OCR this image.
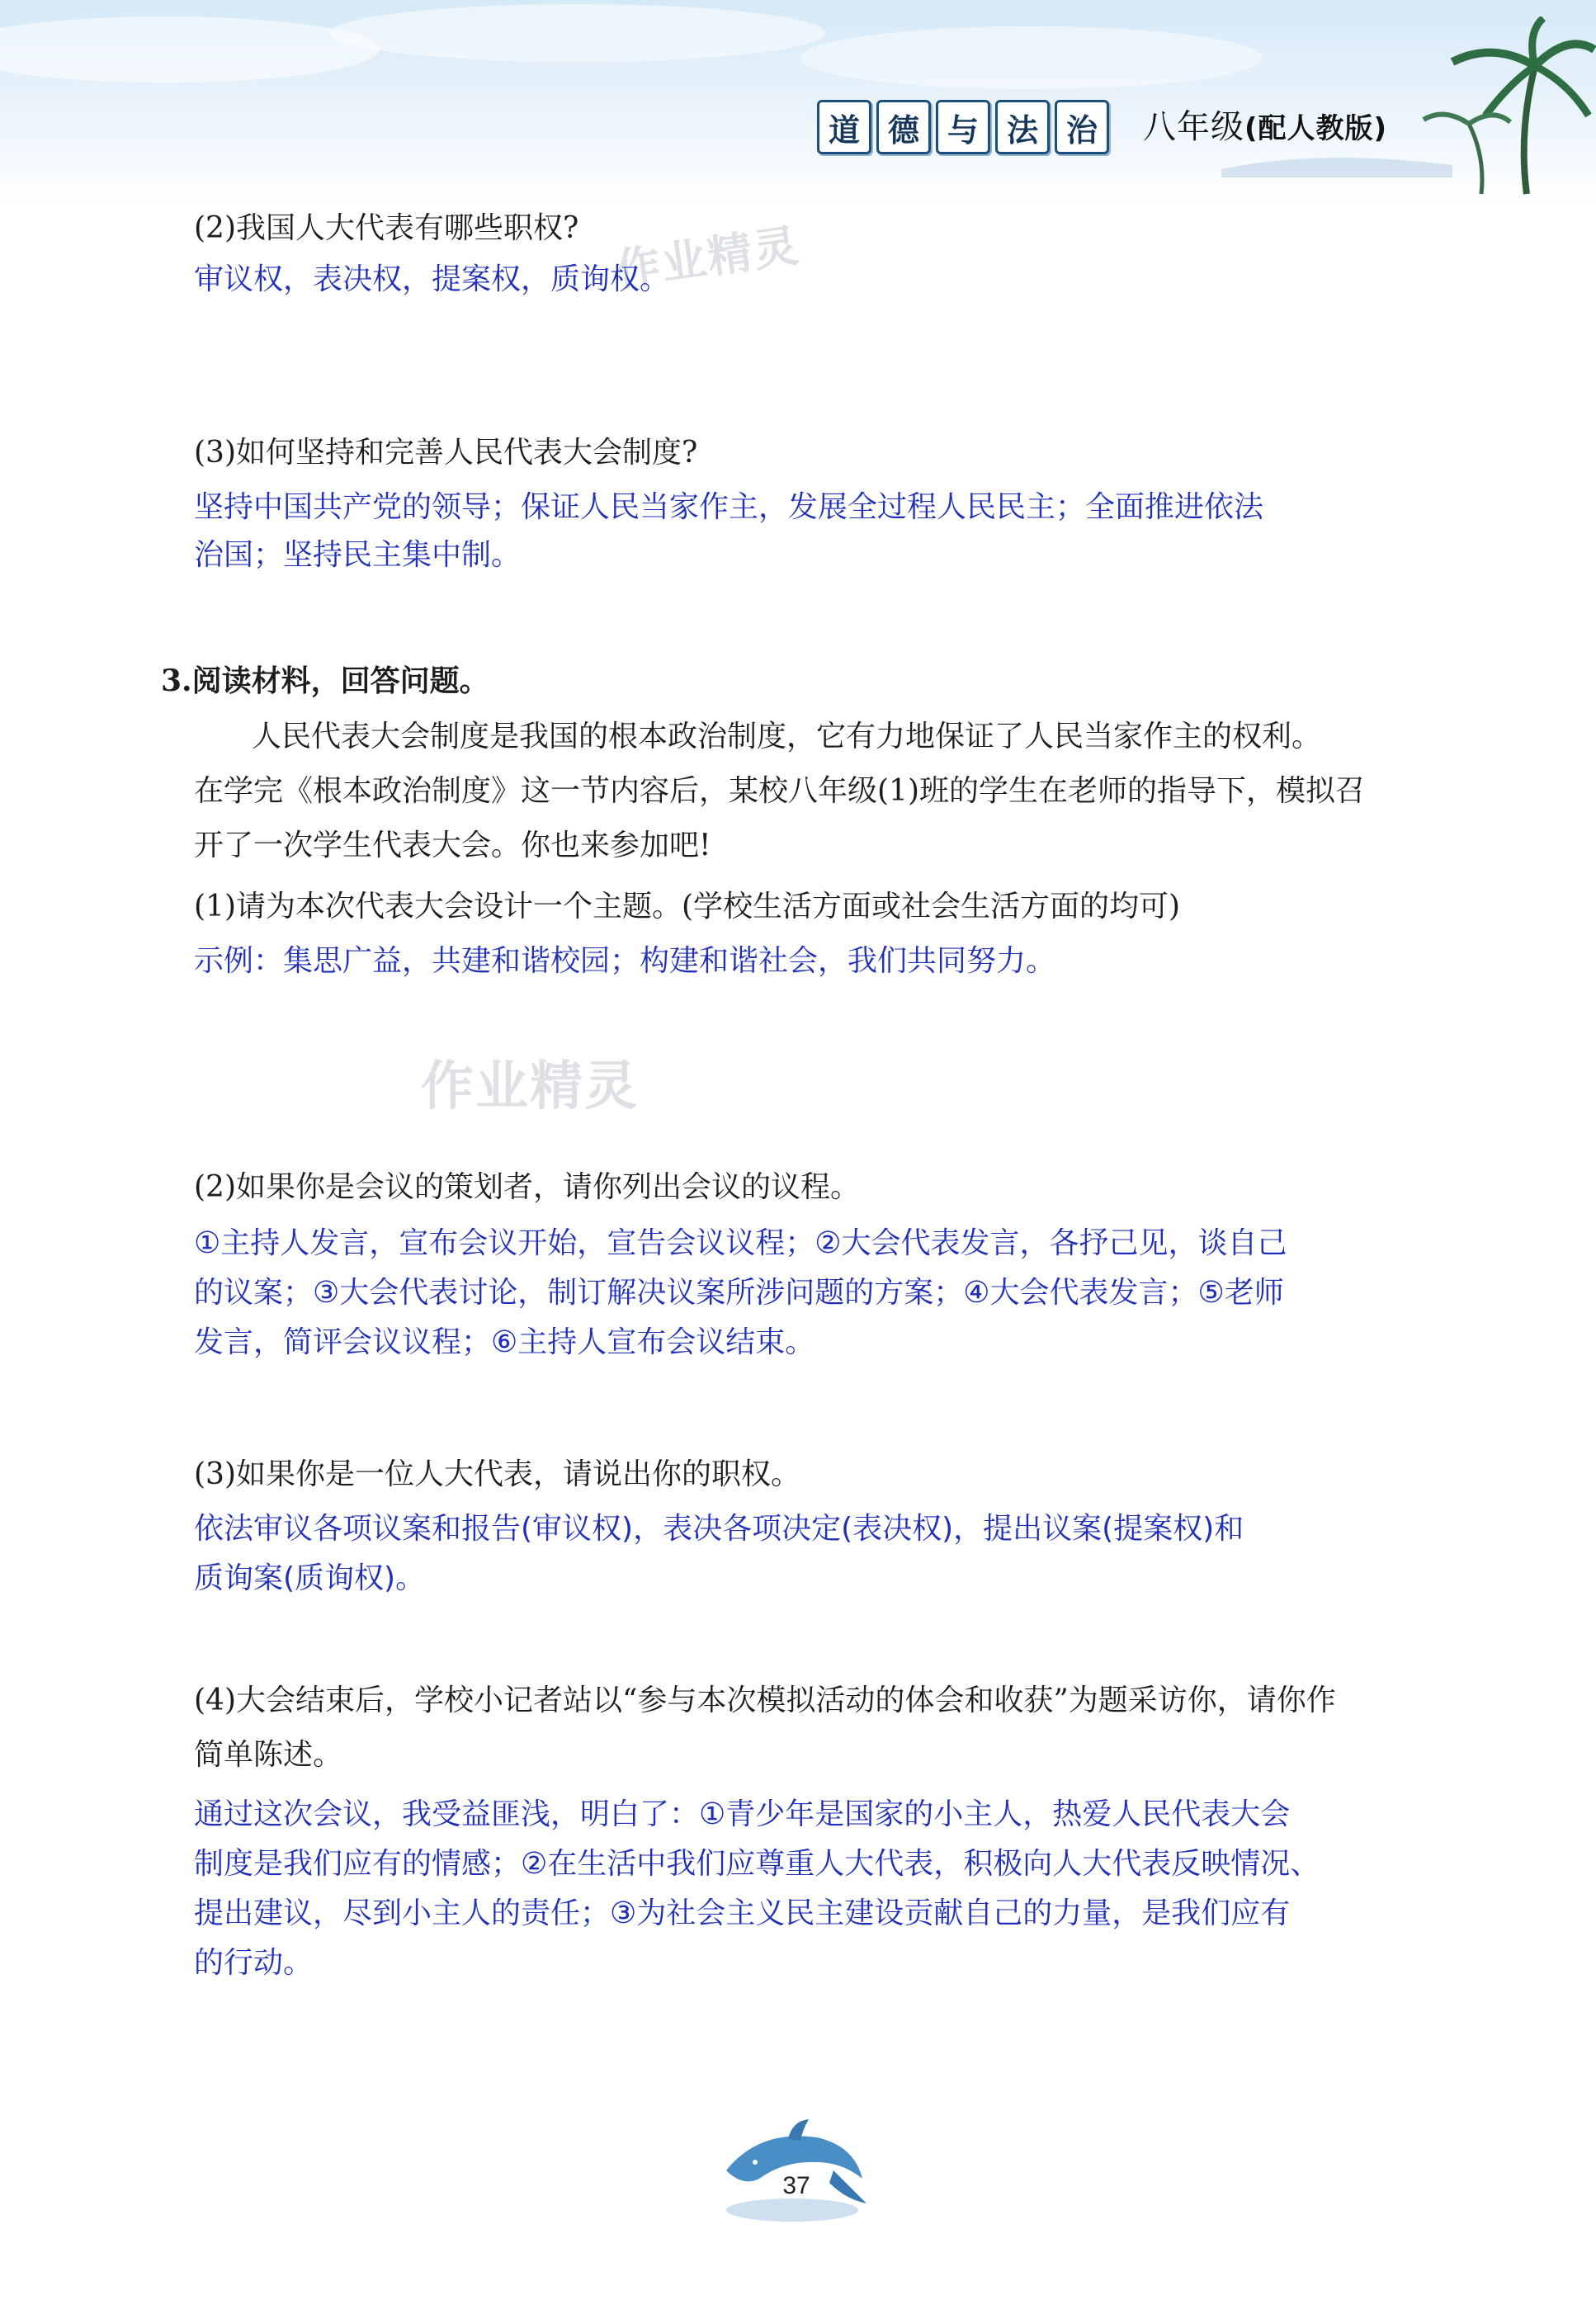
道 德 与 法 治	八年级(配人教版)
作业精灵
作业精灵
(2)我国人大代表有哪些职权?
审议权，表决权，提案权，质询权。
(3)如何坚持和完善人民代表大会制度?
坚持中国共产党的领导；保证人民当家作主，发展全过程人民民主；全面推进依法
治国；坚持民主集中制。
3.阅读材料，回答问题。
人民代表大会制度是我国的根本政治制度，它有力地保证了人民当家作主的权利。
在学完《根本政治制度》这一节内容后，某校八年级(1)班的学生在老师的指导下，模拟召
开了一次学生代表大会。你也来参加吧!
(1)请为本次代表大会设计一个主题。(学校生活方面或社会生活方面的均可)
示例：集思广益，共建和谐校园；构建和谐社会，我们共同努力。
(2)如果你是会议的策划者，请你列出会议的议程。
①主持人发言，宣布会议开始，宣告会议议程；②大会代表发言，各抒己见，谈自己
的议案；③大会代表讨论，制订解决议案所涉问题的方案；④大会代表发言；⑤老师
发言，简评会议议程；⑥主持人宣布会议结束。
(3)如果你是一位人大代表，请说出你的职权。
依法审议各项议案和报告(审议权)，表决各项决定(表决权)，提出议案(提案权)和
质询案(质询权)。
(4)大会结束后，学校小记者站以“参与本次模拟活动的体会和收获”为题采访你，请你作
简单陈述。
通过这次会议，我受益匪浅，明白了：①青少年是国家的小主人，热爱人民代表大会
制度是我们应有的情感；②在生活中我们应尊重人大代表，积极向人大代表反映情况、
提出建议，尽到小主人的责任；③为社会主义民主建设贡献自己的力量，是我们应有
的行动。
37
